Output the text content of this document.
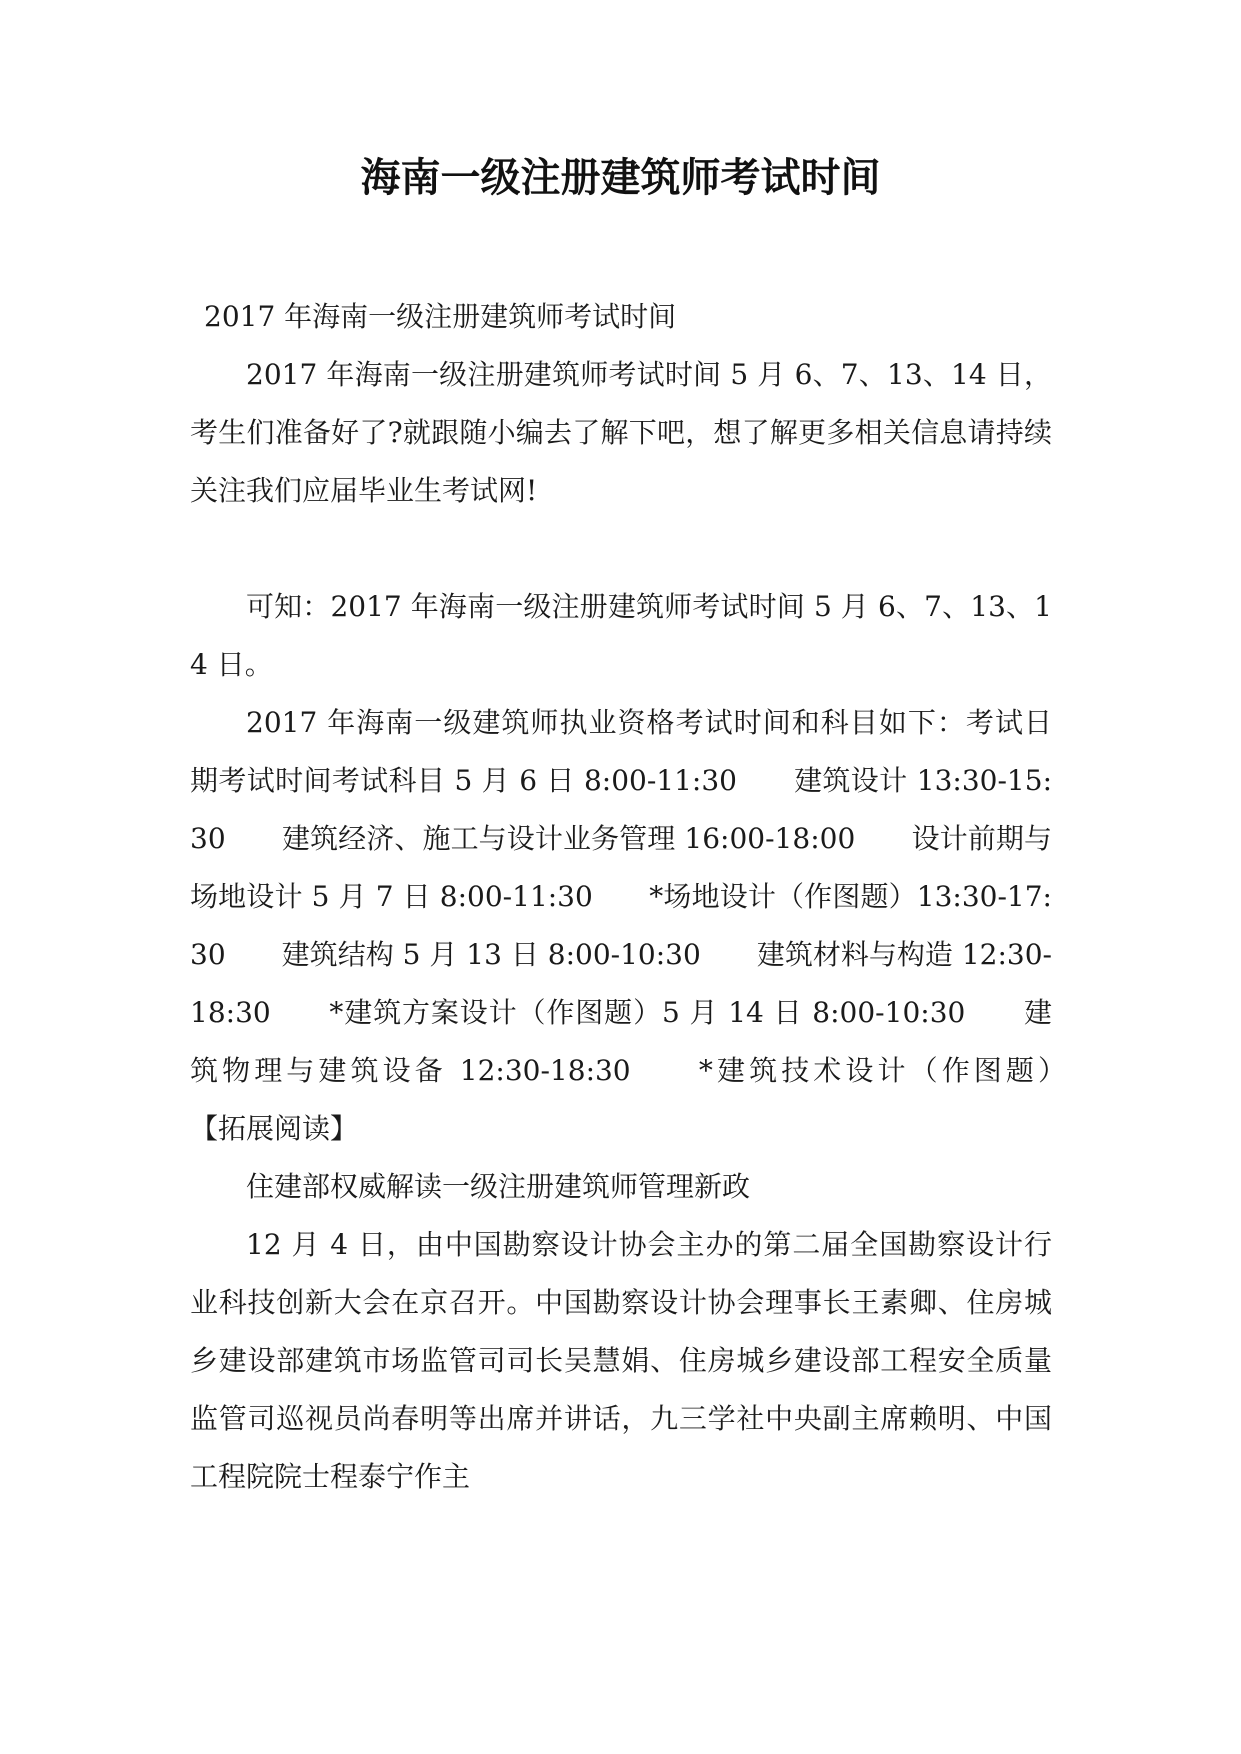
海南一级注册建筑师考试时间

2017 年海南一级注册建筑师考试时间

2017 年海南一级注册建筑师考试时间 5 月 6、7、13、14 日，考生们准备好了?就跟随小编去了解下吧，想了解更多相关信息请持续关注我们应届毕业生考试网!

可知：2017 年海南一级注册建筑师考试时间 5 月 6、7、13、14 日。

2017 年海南一级建筑师执业资格考试时间和科目如下：考试日期考试时间考试科目 5 月 6 日 8:00-11:30　　建筑设计 13:30-15:30　　建筑经济、施工与设计业务管理 16:00-18:00　　设计前期与场地设计 5 月 7 日 8:00-11:30　　*场地设计（作图题）13:30-17:30　　建筑结构 5 月 13 日 8:00-10:30　　建筑材料与构造 12:30-18:30　　*建筑方案设计（作图题）5 月 14 日 8:00-10:30　　建筑物理与建筑设备 12:30-18:30　　*建筑技术设计（作图题）　　【拓展阅读】

住建部权威解读一级注册建筑师管理新政

12 月 4 日，由中国勘察设计协会主办的第二届全国勘察设计行业科技创新大会在京召开。中国勘察设计协会理事长王素卿、住房城乡建设部建筑市场监管司司长吴慧娟、住房城乡建设部工程安全质量监管司巡视员尚春明等出席并讲话，九三学社中央副主席赖明、中国工程院院士程泰宁作主
